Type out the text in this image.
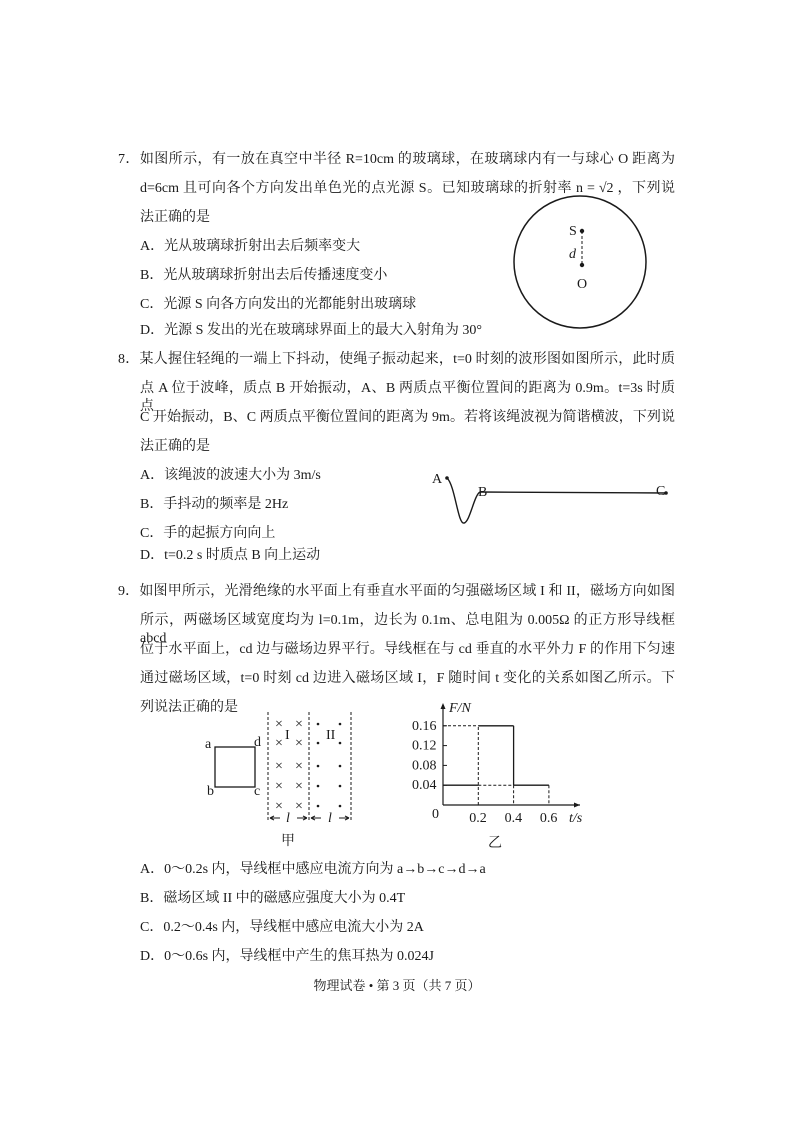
7．如图所示，有一放在真空中半径 R=10cm 的玻璃球，在玻璃球内有一与球心 O 距离为
d=6cm 且可向各个方向发出单色光的点光源 S。已知玻璃球的折射率 n = √2 ，下列说
法正确的是
A．光从玻璃球折射出去后频率变大
B．光从玻璃球折射出去后传播速度变小
C．光源 S 向各方向发出的光都能射出玻璃球
D．光源 S 发出的光在玻璃球界面上的最大入射角为 30°
S
d
O
8．某人握住轻绳的一端上下抖动，使绳子振动起来，t=0 时刻的波形图如图所示，此时质
点 A 位于波峰，质点 B 开始振动，A、B 两质点平衡位置间的距离为 0.9m。t=3s 时质点
C 开始振动，B、C 两质点平衡位置间的距离为 9m。若将该绳波视为简谐横波，下列说
法正确的是
A．该绳波的波速大小为 3m/s
B．手抖动的频率是 2Hz
C．手的起振方向向上
D．t=0.2 s 时质点 B 向上运动
A
B	C
9．如图甲所示，光滑绝缘的水平面上有垂直水平面的匀强磁场区域 I 和 II，磁场方向如图
所示，两磁场区域宽度均为 l=0.1m，边长为 0.1m、总电阻为 0.005Ω 的正方形导线框 abcd
位于水平面上，cd 边与磁场边界平行。导线框在与 cd 垂直的水平外力 F 的作用下匀速
通过磁场区域，t=0 时刻 cd 边进入磁场区域 I，F 随时间 t 变化的关系如图乙所示。下
列说法正确的是
a	d
b	c
× ×
× ×
× ×
× ×
× ×
I	II
l	l
甲
F/N
t/s
0
乙
0.04
0.08
0.12
0.16
0.2 0.4 0.6
A．0～0.2s 内，导线框中感应电流方向为 a→b→c→d→a
B．磁场区域 II 中的磁感应强度大小为 0.4T
C．0.2～0.4s 内，导线框中感应电流大小为 2A
D．0～0.6s 内，导线框中产生的焦耳热为 0.024J
物理试卷 • 第 3 页（共 7 页）
